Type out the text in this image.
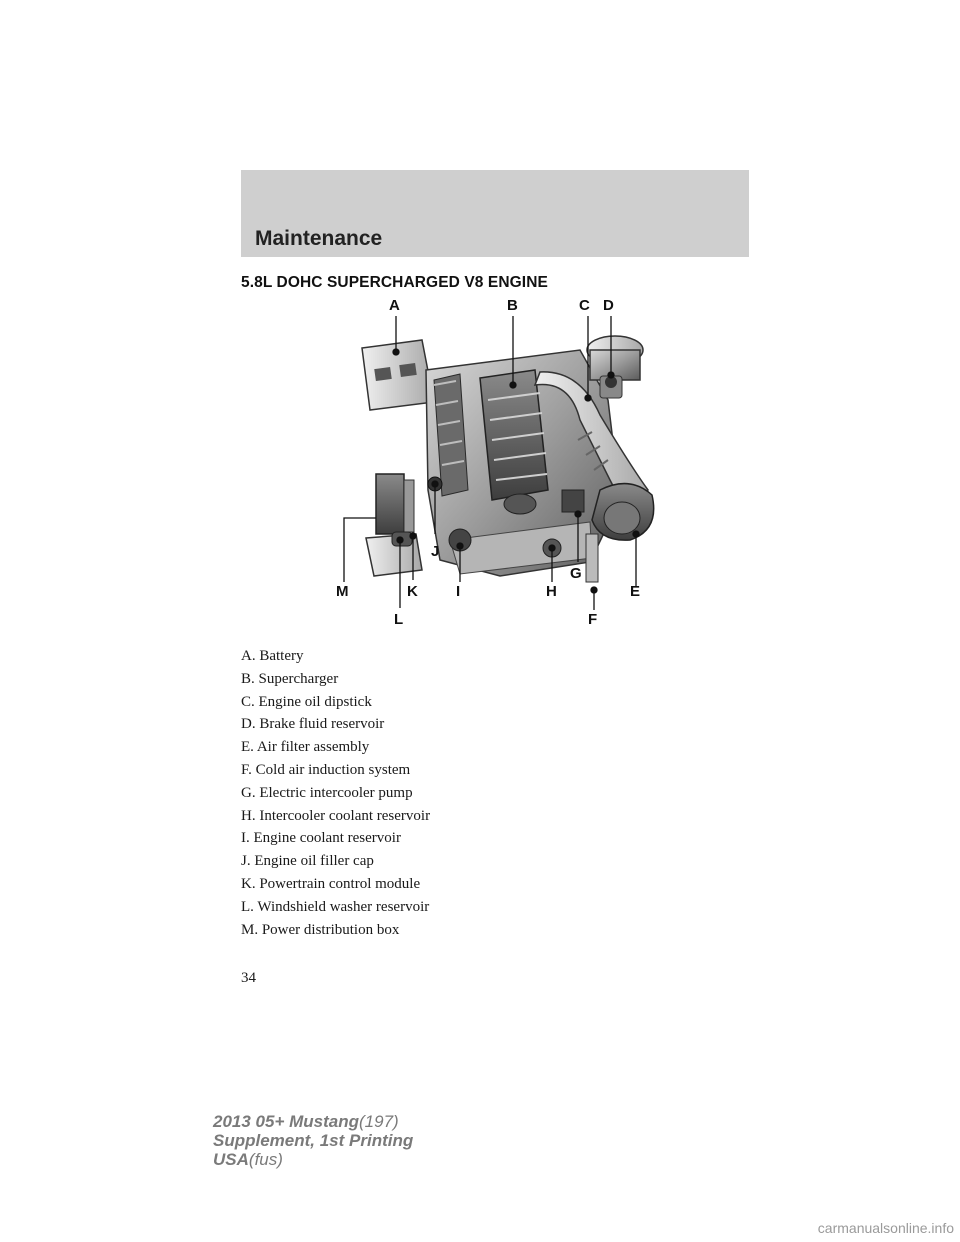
Maintenance
5.8L DOHC SUPERCHARGED V8 ENGINE
A	B	C D
E
F
G
H
I
J
K
L
M
A. Battery
B. Supercharger
C. Engine oil dipstick
D. Brake fluid reservoir
E. Air filter assembly
F. Cold air induction system
G. Electric intercooler pump
H. Intercooler coolant reservoir
I. Engine coolant reservoir
J. Engine oil filler cap
K. Powertrain control module
L. Windshield washer reservoir
M. Power distribution box
34
2013 05+ Mustang(197)
Supplement, 1st Printing
USA(fus)
carmanualsonline.info
